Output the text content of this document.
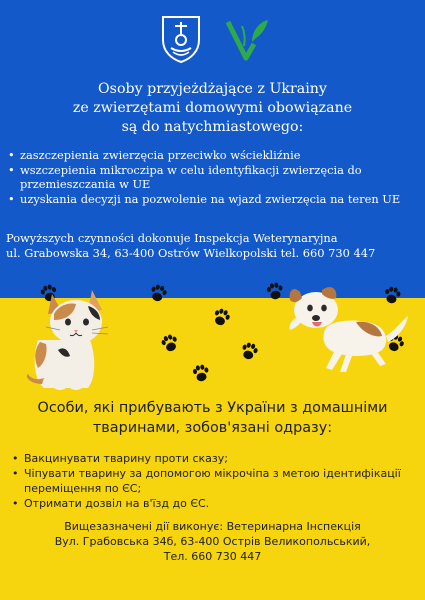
Osoby przyjeżdżające z Ukrainy
ze zwierzętami domowymi obowiązane
są do natychmiastowego:
• zaszczepienia zwierzęcia przeciwko wściekliźnie
• wszczepienia mikroczipa w celu identyfikacji zwierzęcia do przemieszczania w UE
• uzyskania decyzji na pozwolenie na wjazd zwierzęcia na teren UE
Powyższych czynności dokonuje Inspekcja Weterynaryjna
ul. Grabowska 34, 63-400 Ostrów Wielkopolski tel. 660 730 447
Особи, які прибувають з України з домашніми
тваринами, зобов'язані одразу:
• Вакцинувати тварину проти сказу;
• Чіпувати тварину за допомогою мікрочіпа з метою ідентифікації переміщення по ЄС;
• Отримати дозвіл на в'їзд до ЄС.
Вищезазначені дії виконує: Ветеринарна Інспекція
Вул. Грабовська 34б, 63-400 Острів Великопольський,
Тел. 660 730 447
